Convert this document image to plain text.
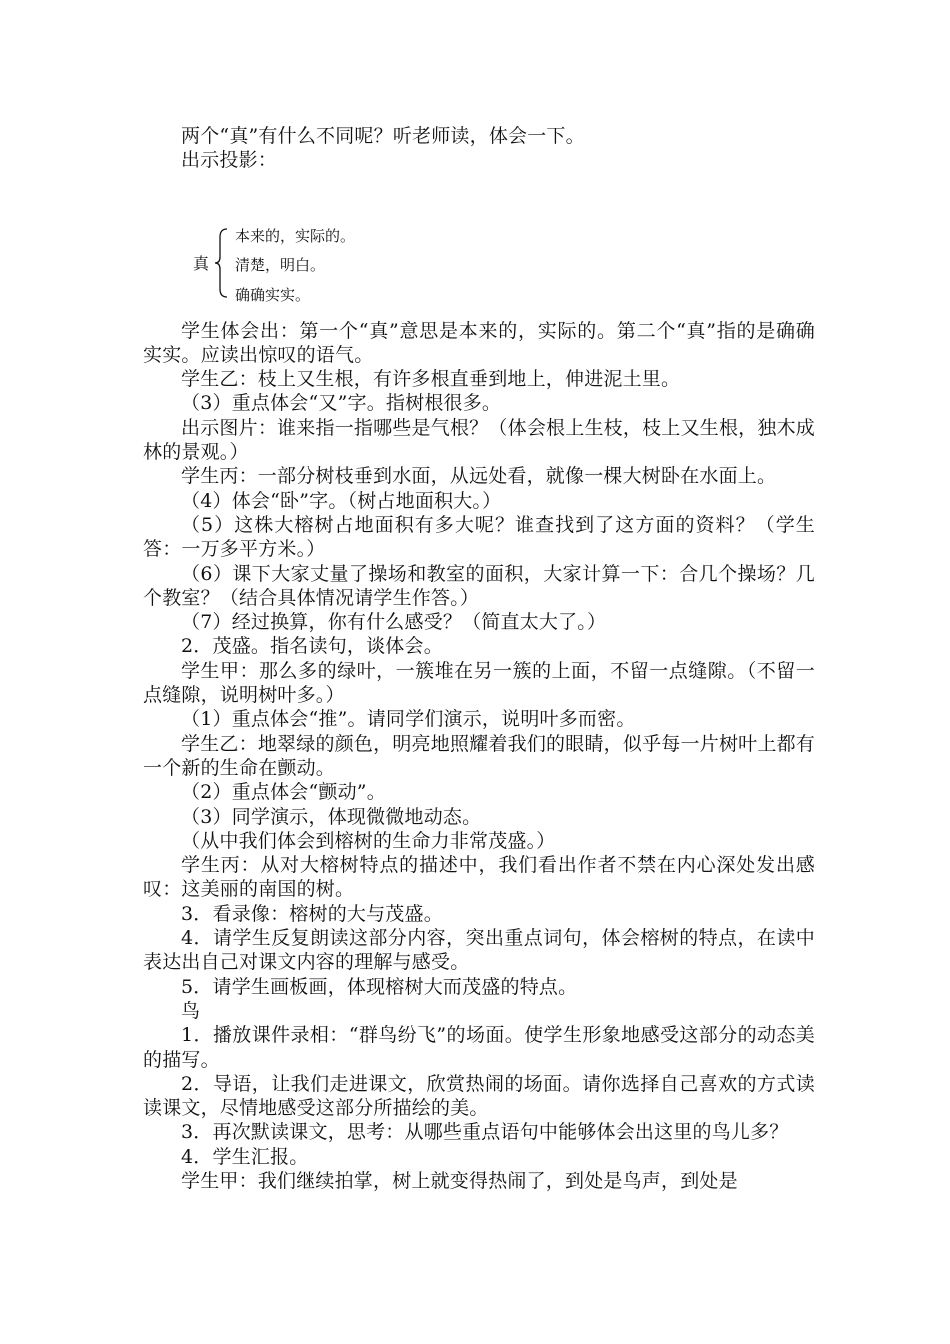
两个“真”有什么不同呢？听老师读，体会一下。

出示投影：

真
本来的，实际的。
清楚，明白。
确确实实。

学生体会出：第一个“真”意思是本来的，实际的。第二个“真”指的是确确实实。应读出惊叹的语气。

学生乙：枝上又生根，有许多根直垂到地上，伸进泥土里。

（3）重点体会“又”字。指树根很多。

出示图片：谁来指一指哪些是气根？（体会根上生枝，枝上又生根，独木成林的景观。）

学生丙：一部分树枝垂到水面，从远处看，就像一棵大树卧在水面上。

（4）体会“卧”字。（树占地面积大。）

（5）这株大榕树占地面积有多大呢？谁查找到了这方面的资料？（学生答：一万多平方米。）

（6）课下大家丈量了操场和教室的面积，大家计算一下：合几个操场？几个教室？（结合具体情况请学生作答。）

（7）经过换算，你有什么感受？（简直太大了。）

2．茂盛。指名读句，谈体会。

学生甲：那么多的绿叶，一簇堆在另一簇的上面，不留一点缝隙。（不留一点缝隙，说明树叶多。）

（1）重点体会“推”。请同学们演示，说明叶多而密。

学生乙：地翠绿的颜色，明亮地照耀着我们的眼睛，似乎每一片树叶上都有一个新的生命在颤动。

（2）重点体会“颤动”。

（3）同学演示，体现微微地动态。

（从中我们体会到榕树的生命力非常茂盛。）

学生丙：从对大榕树特点的描述中，我们看出作者不禁在内心深处发出感叹：这美丽的南国的树。

3．看录像：榕树的大与茂盛。

4．请学生反复朗读这部分内容，突出重点词句，体会榕树的特点，在读中表达出自己对课文内容的理解与感受。

5．请学生画板画，体现榕树大而茂盛的特点。

鸟

1．播放课件录相：“群鸟纷飞”的场面。使学生形象地感受这部分的动态美的描写。

2．导语，让我们走进课文，欣赏热闹的场面。请你选择自己喜欢的方式读读课文，尽情地感受这部分所描绘的美。

3．再次默读课文，思考：从哪些重点语句中能够体会出这里的鸟儿多？

4．学生汇报。

学生甲：我们继续拍掌，树上就变得热闹了，到处是鸟声，到处是
